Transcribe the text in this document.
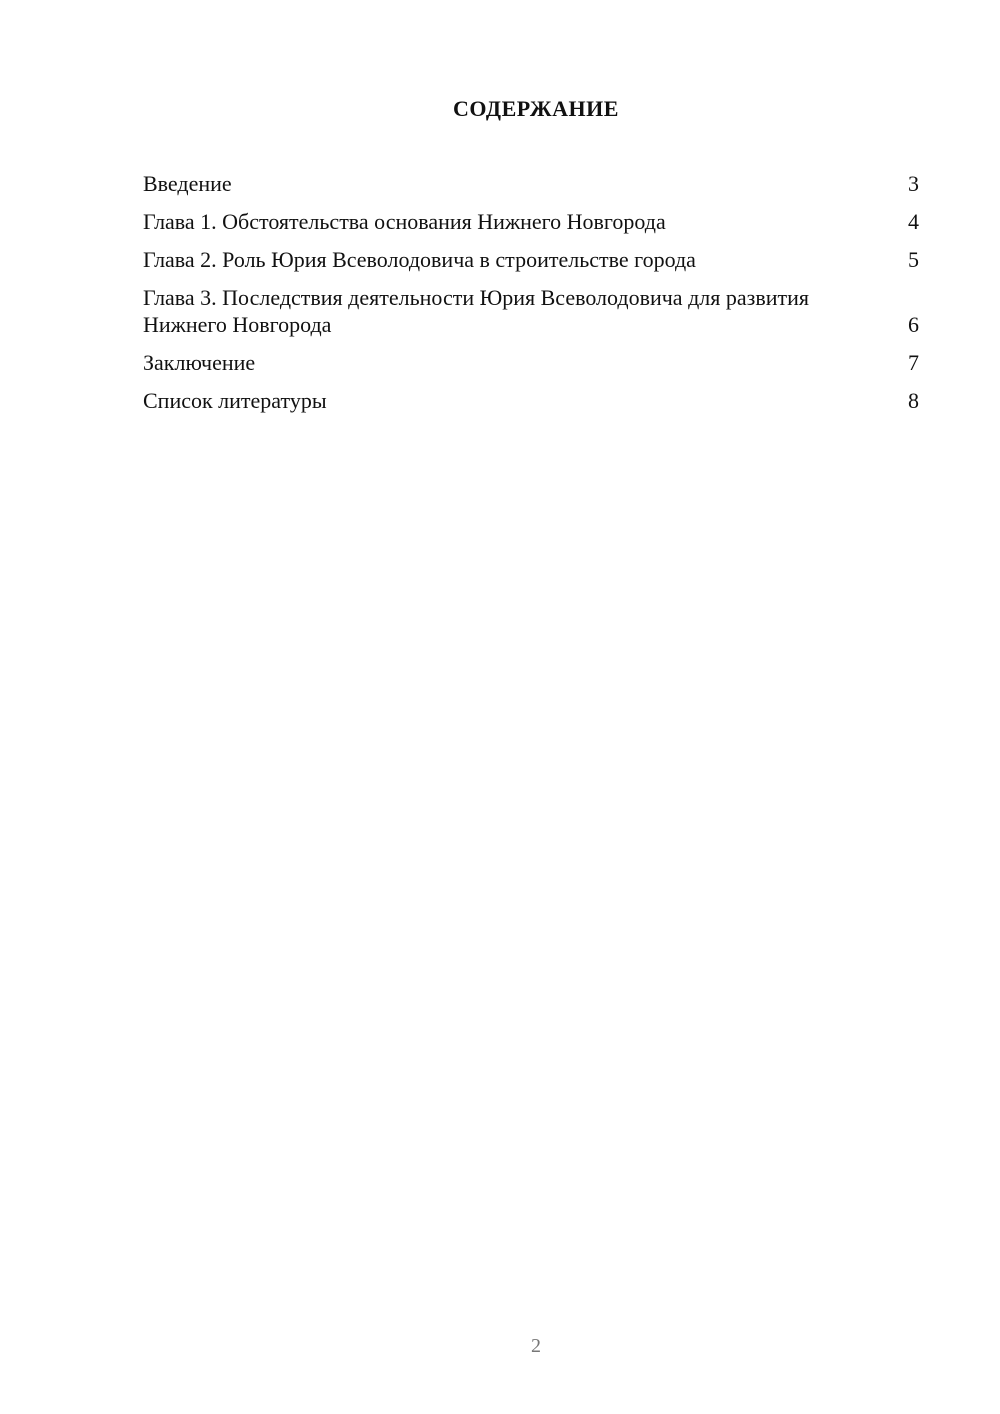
СОДЕРЖАНИЕ
Введение	3
Глава 1. Обстоятельства основания Нижнего Новгорода	4
Глава 2. Роль Юрия Всеволодовича в строительстве города	5
Глава 3. Последствия деятельности Юрия Всеволодовича для развития Нижнего Новгорода	6
Заключение	7
Список литературы	8
2
